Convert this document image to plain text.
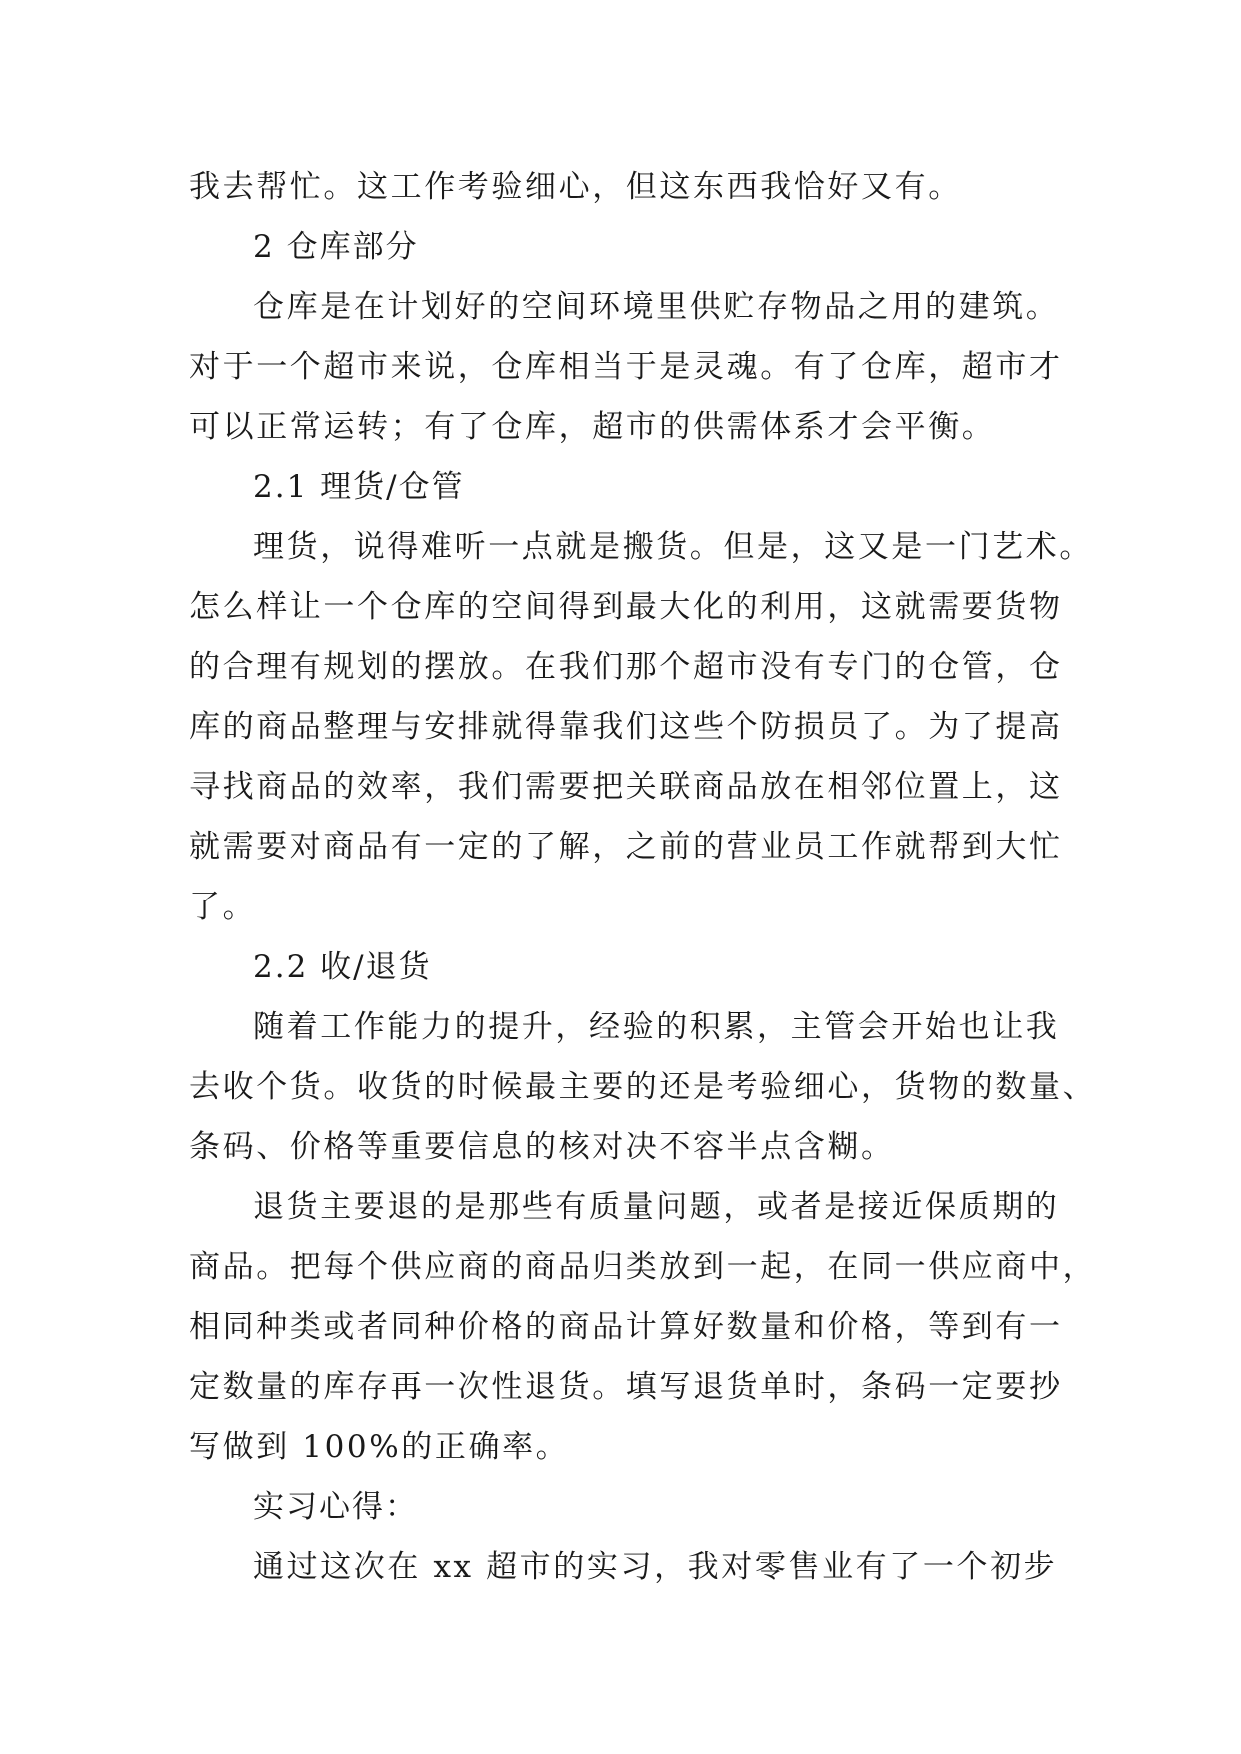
我去帮忙。这工作考验细心，但这东西我恰好又有。
2 仓库部分
仓库是在计划好的空间环境里供贮存物品之用的建筑。
对于一个超市来说，仓库相当于是灵魂。有了仓库，超市才
可以正常运转；有了仓库，超市的供需体系才会平衡。
2.1 理货/仓管
理货，说得难听一点就是搬货。但是，这又是一门艺术。
怎么样让一个仓库的空间得到最大化的利用，这就需要货物
的合理有规划的摆放。在我们那个超市没有专门的仓管，仓
库的商品整理与安排就得靠我们这些个防损员了。为了提高
寻找商品的效率，我们需要把关联商品放在相邻位置上，这
就需要对商品有一定的了解，之前的营业员工作就帮到大忙
了。
2.2 收/退货
随着工作能力的提升，经验的积累，主管会开始也让我
去收个货。收货的时候最主要的还是考验细心，货物的数量、
条码、价格等重要信息的核对决不容半点含糊。
退货主要退的是那些有质量问题，或者是接近保质期的
商品。把每个供应商的商品归类放到一起，在同一供应商中，
相同种类或者同种价格的商品计算好数量和价格，等到有一
定数量的库存再一次性退货。填写退货单时，条码一定要抄
写做到 100%的正确率。
实习心得：
通过这次在 xx 超市的实习，我对零售业有了一个初步
